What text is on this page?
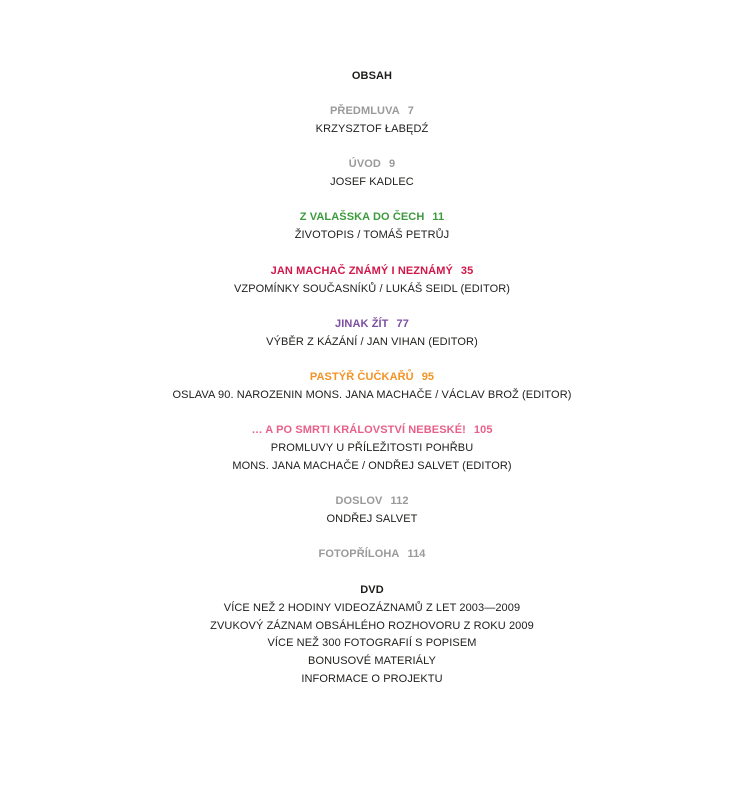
OBSAH
PŘEDMLUVA 7
KRZYSZTOF ŁABĘDŹ
ÚVOD 9
JOSEF KADLEC
Z VALAŠSKA DO ČECH 11
ŽIVOTOPIS / TOMÁŠ PETRŮJ
JAN MACHAČ ZNÁMÝ I NEZNÁMÝ 35
VZPOMÍNKY SOUČASNÍKŮ / LUKÁŠ SEIDL (EDITOR)
JINAK ŽÍT 77
VÝBĚR Z KÁZÁNÍ / JAN VIHAN (EDITOR)
PASTÝŘ ČUČKAŘŮ 95
OSLAVA 90. NAROZENIN MONS. JANA MACHAČE / VÁCLAV BROŽ (EDITOR)
… A PO SMRTI KRÁLOVSTVÍ NEBESKÉ! 105
PROMLUVY U PŘÍLEŽITOSTI POHŘBU
MONS. JANA MACHAČE / ONDŘEJ SALVET (EDITOR)
DOSLOV 112
ONDŘEJ SALVET
FOTOPŘÍLOHA 114
DVD
VÍCE NEŽ 2 HODINY VIDEOZÁZNAMŮ Z LET 2003—2009
ZVUKOVÝ ZÁZNAM OBSÁHLÉHO ROZHOVORU Z ROKU 2009
VÍCE NEŽ 300 FOTOGRAFIÍ S POPISEM
BONUSOVÉ MATERIÁLY
INFORMACE O PROJEKTU
